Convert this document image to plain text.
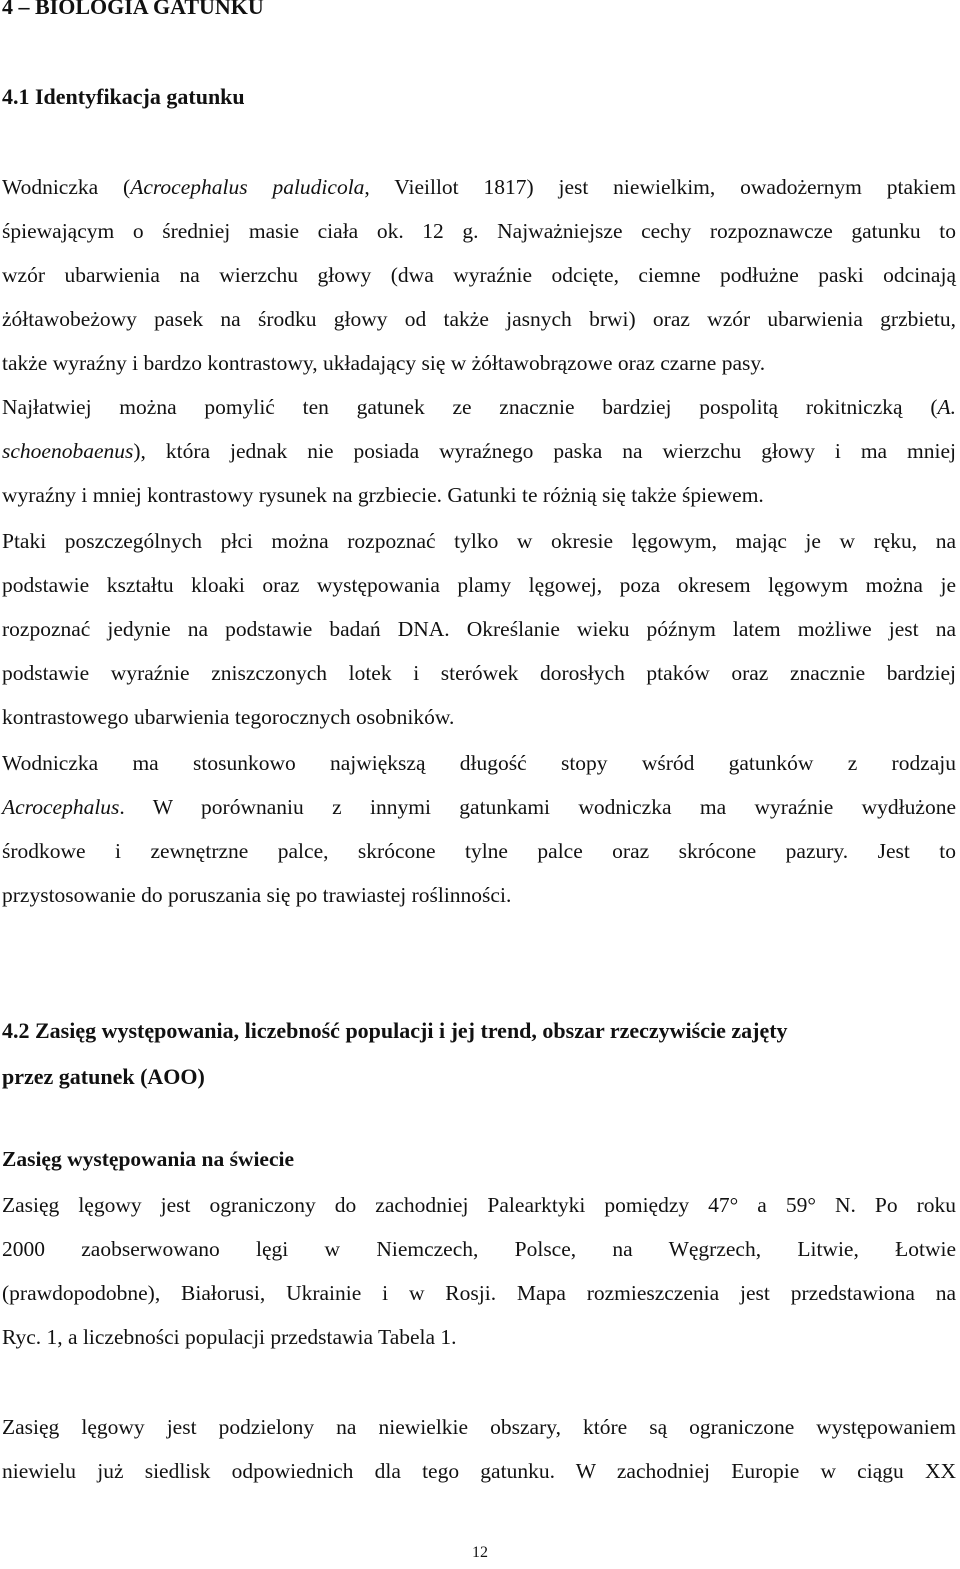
4 – BIOLOGIA GATUNKU
4.1 Identyfikacja gatunku
Wodniczka (Acrocephalus paludicola, Vieillot 1817) jest niewielkim, owadożernym ptakiem
śpiewającym o średniej masie ciała ok. 12 g. Najważniejsze cechy rozpoznawcze gatunku to
wzór ubarwienia na wierzchu głowy (dwa wyraźnie odcięte, ciemne podłużne paski odcinają
żółtawobeżowy pasek na środku głowy od także jasnych brwi) oraz wzór ubarwienia grzbietu,
także wyraźny i bardzo kontrastowy, układający się w żółtawobrązowe oraz czarne pasy.
Najłatwiej można pomylić ten gatunek ze znacznie bardziej pospolitą rokitniczką (A.
schoenobaenus), która jednak nie posiada wyraźnego paska na wierzchu głowy i ma mniej
wyraźny i mniej kontrastowy rysunek na grzbiecie. Gatunki te różnią się także śpiewem.
Ptaki poszczególnych płci można rozpoznać tylko w okresie lęgowym, mając je w ręku, na
podstawie kształtu kloaki oraz występowania plamy lęgowej, poza okresem lęgowym można je
rozpoznać jedynie na podstawie badań DNA. Określanie wieku późnym latem możliwe jest na
podstawie wyraźnie zniszczonych lotek i sterówek dorosłych ptaków oraz znacznie bardziej
kontrastowego ubarwienia tegorocznych osobników.
Wodniczka ma stosunkowo największą długość stopy wśród gatunków z rodzaju
Acrocephalus. W porównaniu z innymi gatunkami wodniczka ma wyraźnie wydłużone
środkowe i zewnętrzne palce, skrócone tylne palce oraz skrócone pazury. Jest to
przystosowanie do poruszania się po trawiastej roślinności.
4.2 Zasięg występowania, liczebność populacji i jej trend, obszar rzeczywiście zajęty
przez gatunek (AOO)
Zasięg występowania na świecie
Zasięg lęgowy jest ograniczony do zachodniej Palearktyki pomiędzy 47° a 59° N. Po roku
2000 zaobserwowano lęgi w Niemczech, Polsce, na Węgrzech, Litwie, Łotwie
(prawdopodobne), Białorusi, Ukrainie i w Rosji. Mapa rozmieszczenia jest przedstawiona na
Ryc. 1, a liczebności populacji przedstawia Tabela 1.
Zasięg lęgowy jest podzielony na niewielkie obszary, które są ograniczone występowaniem
niewielu już siedlisk odpowiednich dla tego gatunku. W zachodniej Europie w ciągu XX
12
